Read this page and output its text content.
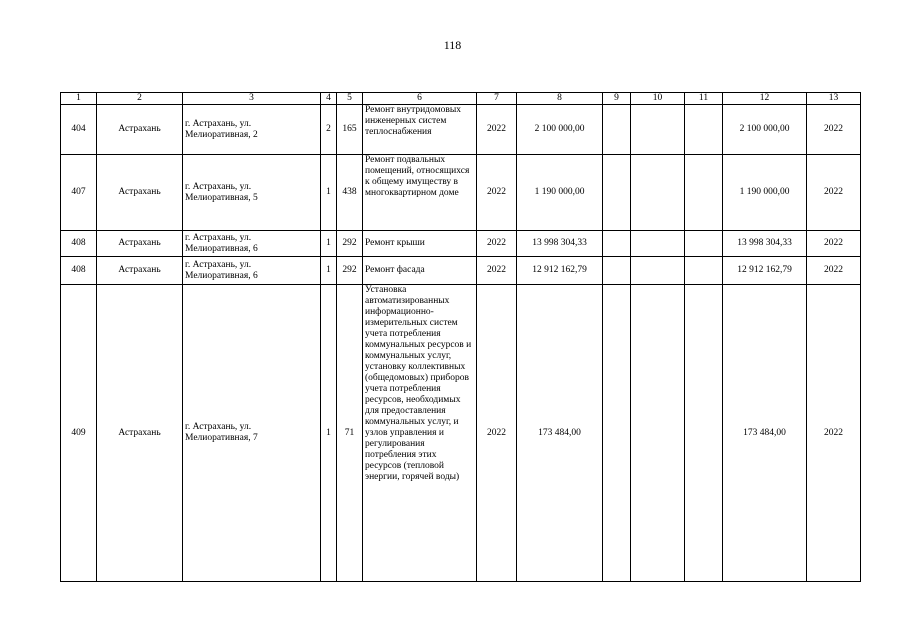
118
1	2	3	4	5	6	7	8	9	10	11	12	13
404	Астрахань	г. Астрахань, ул. Мелиоративная, 2	2	165	Ремонт внутридомовых инженерных систем теплоснабжения	2022	2 100 000,00				2 100 000,00	2022
407	Астрахань	г. Астрахань, ул. Мелиоративная, 5	1	438	Ремонт подвальных помещений, относящихся к общему имуществу в многоквартирном доме	2022	1 190 000,00				1 190 000,00	2022
408	Астрахань	г. Астрахань, ул. Мелиоративная, 6	1	292	Ремонт крыши	2022	13 998 304,33				13 998 304,33	2022
408	Астрахань	г. Астрахань, ул. Мелиоративная, 6	1	292	Ремонт фасада	2022	12 912 162,79				12 912 162,79	2022
409	Астрахань	г. Астрахань, ул. Мелиоративная, 7	1	71	Установка автоматизированных информационно-измерительных систем учета потребления коммунальных ресурсов и коммунальных услуг, установку коллективных (общедомовых) приборов учета потребления ресурсов, необходимых для предоставления коммунальных услуг, и узлов управления и регулирования потребления этих ресурсов (тепловой энергии, горячей воды)	2022	173 484,00				173 484,00	2022
